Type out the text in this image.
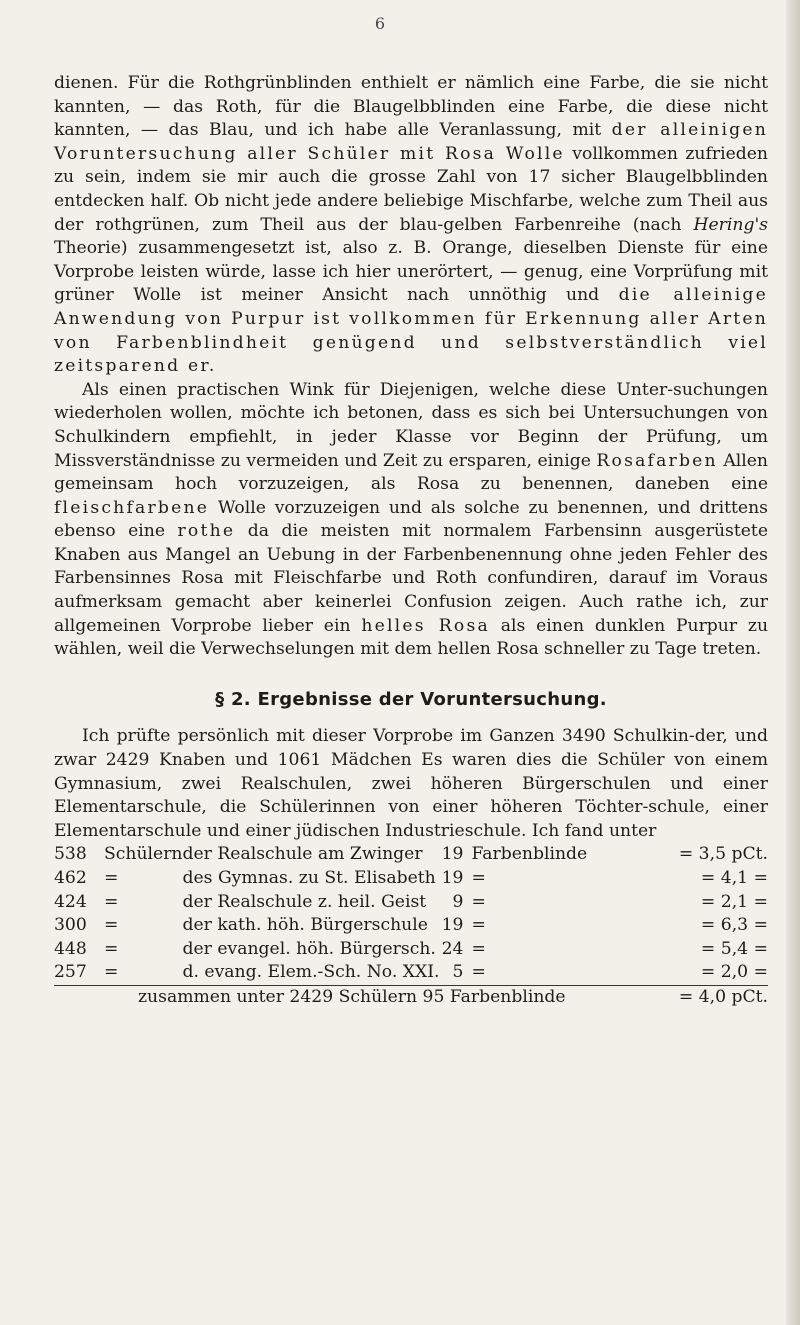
6

dienen. Für die Rothgrünblinden enthielt er nämlich eine Farbe, die sie nicht kannten, — das Roth, für die Blaugelbblinden eine Farbe, die diese nicht kannten, — das Blau, und ich habe alle Veranlassung, mit der alleinigen Voruntersuchung aller Schüler mit Rosa Wolle vollkommen zufrieden zu sein, indem sie mir auch die grosse Zahl von 17 sicher Blaugelbblinden entdecken half. Ob nicht jede andere beliebige Mischfarbe, welche zum Theil aus der rothgrünen, zum Theil aus der blau-gelben Farbenreihe (nach Hering's Theorie) zusammengesetzt ist, also z. B. Orange, dieselben Dienste für eine Vorprobe leisten würde, lasse ich hier unerörtert, — genug, eine Vorprüfung mit grüner Wolle ist meiner Ansicht nach unnöthig und die alleinige Anwendung von Purpur ist vollkommen für Erkennung aller Arten von Farbenblindheit genügend und selbstverständlich viel zeitsparend er.

Als einen practischen Wink für Diejenigen, welche diese Unter-suchungen wiederholen wollen, möchte ich betonen, dass es sich bei Untersuchungen von Schulkindern empfiehlt, in jeder Klasse vor Beginn der Prüfung, um Missverständnisse zu vermeiden und Zeit zu ersparen, einige Rosafarben Allen gemeinsam hoch vorzuzeigen, als Rosa zu benennen, daneben eine fleischfarbene Wolle vorzuzeigen und als solche zu benennen, und drittens ebenso eine rothe da die meisten mit normalem Farbensinn ausgerüstete Knaben aus Mangel an Uebung in der Farbenbenennung ohne jeden Fehler des Farbensinnes Rosa mit Fleischfarbe und Roth confundiren, darauf im Voraus aufmerksam gemacht aber keinerlei Confusion zeigen. Auch rathe ich, zur allgemeinen Vorprobe lieber ein helles Rosa als einen dunklen Purpur zu wählen, weil die Verwechselungen mit dem hellen Rosa schneller zu Tage treten.

§ 2. Ergebnisse der Voruntersuchung.

Ich prüfte persönlich mit dieser Vorprobe im Ganzen 3490 Schulkin-der, und zwar 2429 Knaben und 1061 Mädchen Es waren dies die Schüler von einem Gymnasium, zwei Realschulen, zwei höheren Bürgerschulen und einer Elementarschule, die Schülerinnen von einer höheren Töchter-schule, einer Elementarschule und einer jüdischen Industrieschule. Ich fand unter

538	Schülern	der Realschule am Zwinger	19	Farbenblinde	= 3,5 pCt.
462	=	des Gymnas. zu St. Elisabeth	19	=	= 4,1 =
424	=	der Realschule z. heil. Geist	9	=	= 2,1 =
300	=	der kath. höh. Bürgerschule	19	=	= 6,3 =
448	=	der evangel. höh. Bürgersch.	24	=	= 5,4 =
257	=	d. evang. Elem.-Sch. No. XXI.	5	=	= 2,0 =
	zusammen unter 2429 Schülern 95 Farbenblinde				= 4,0 pCt.
